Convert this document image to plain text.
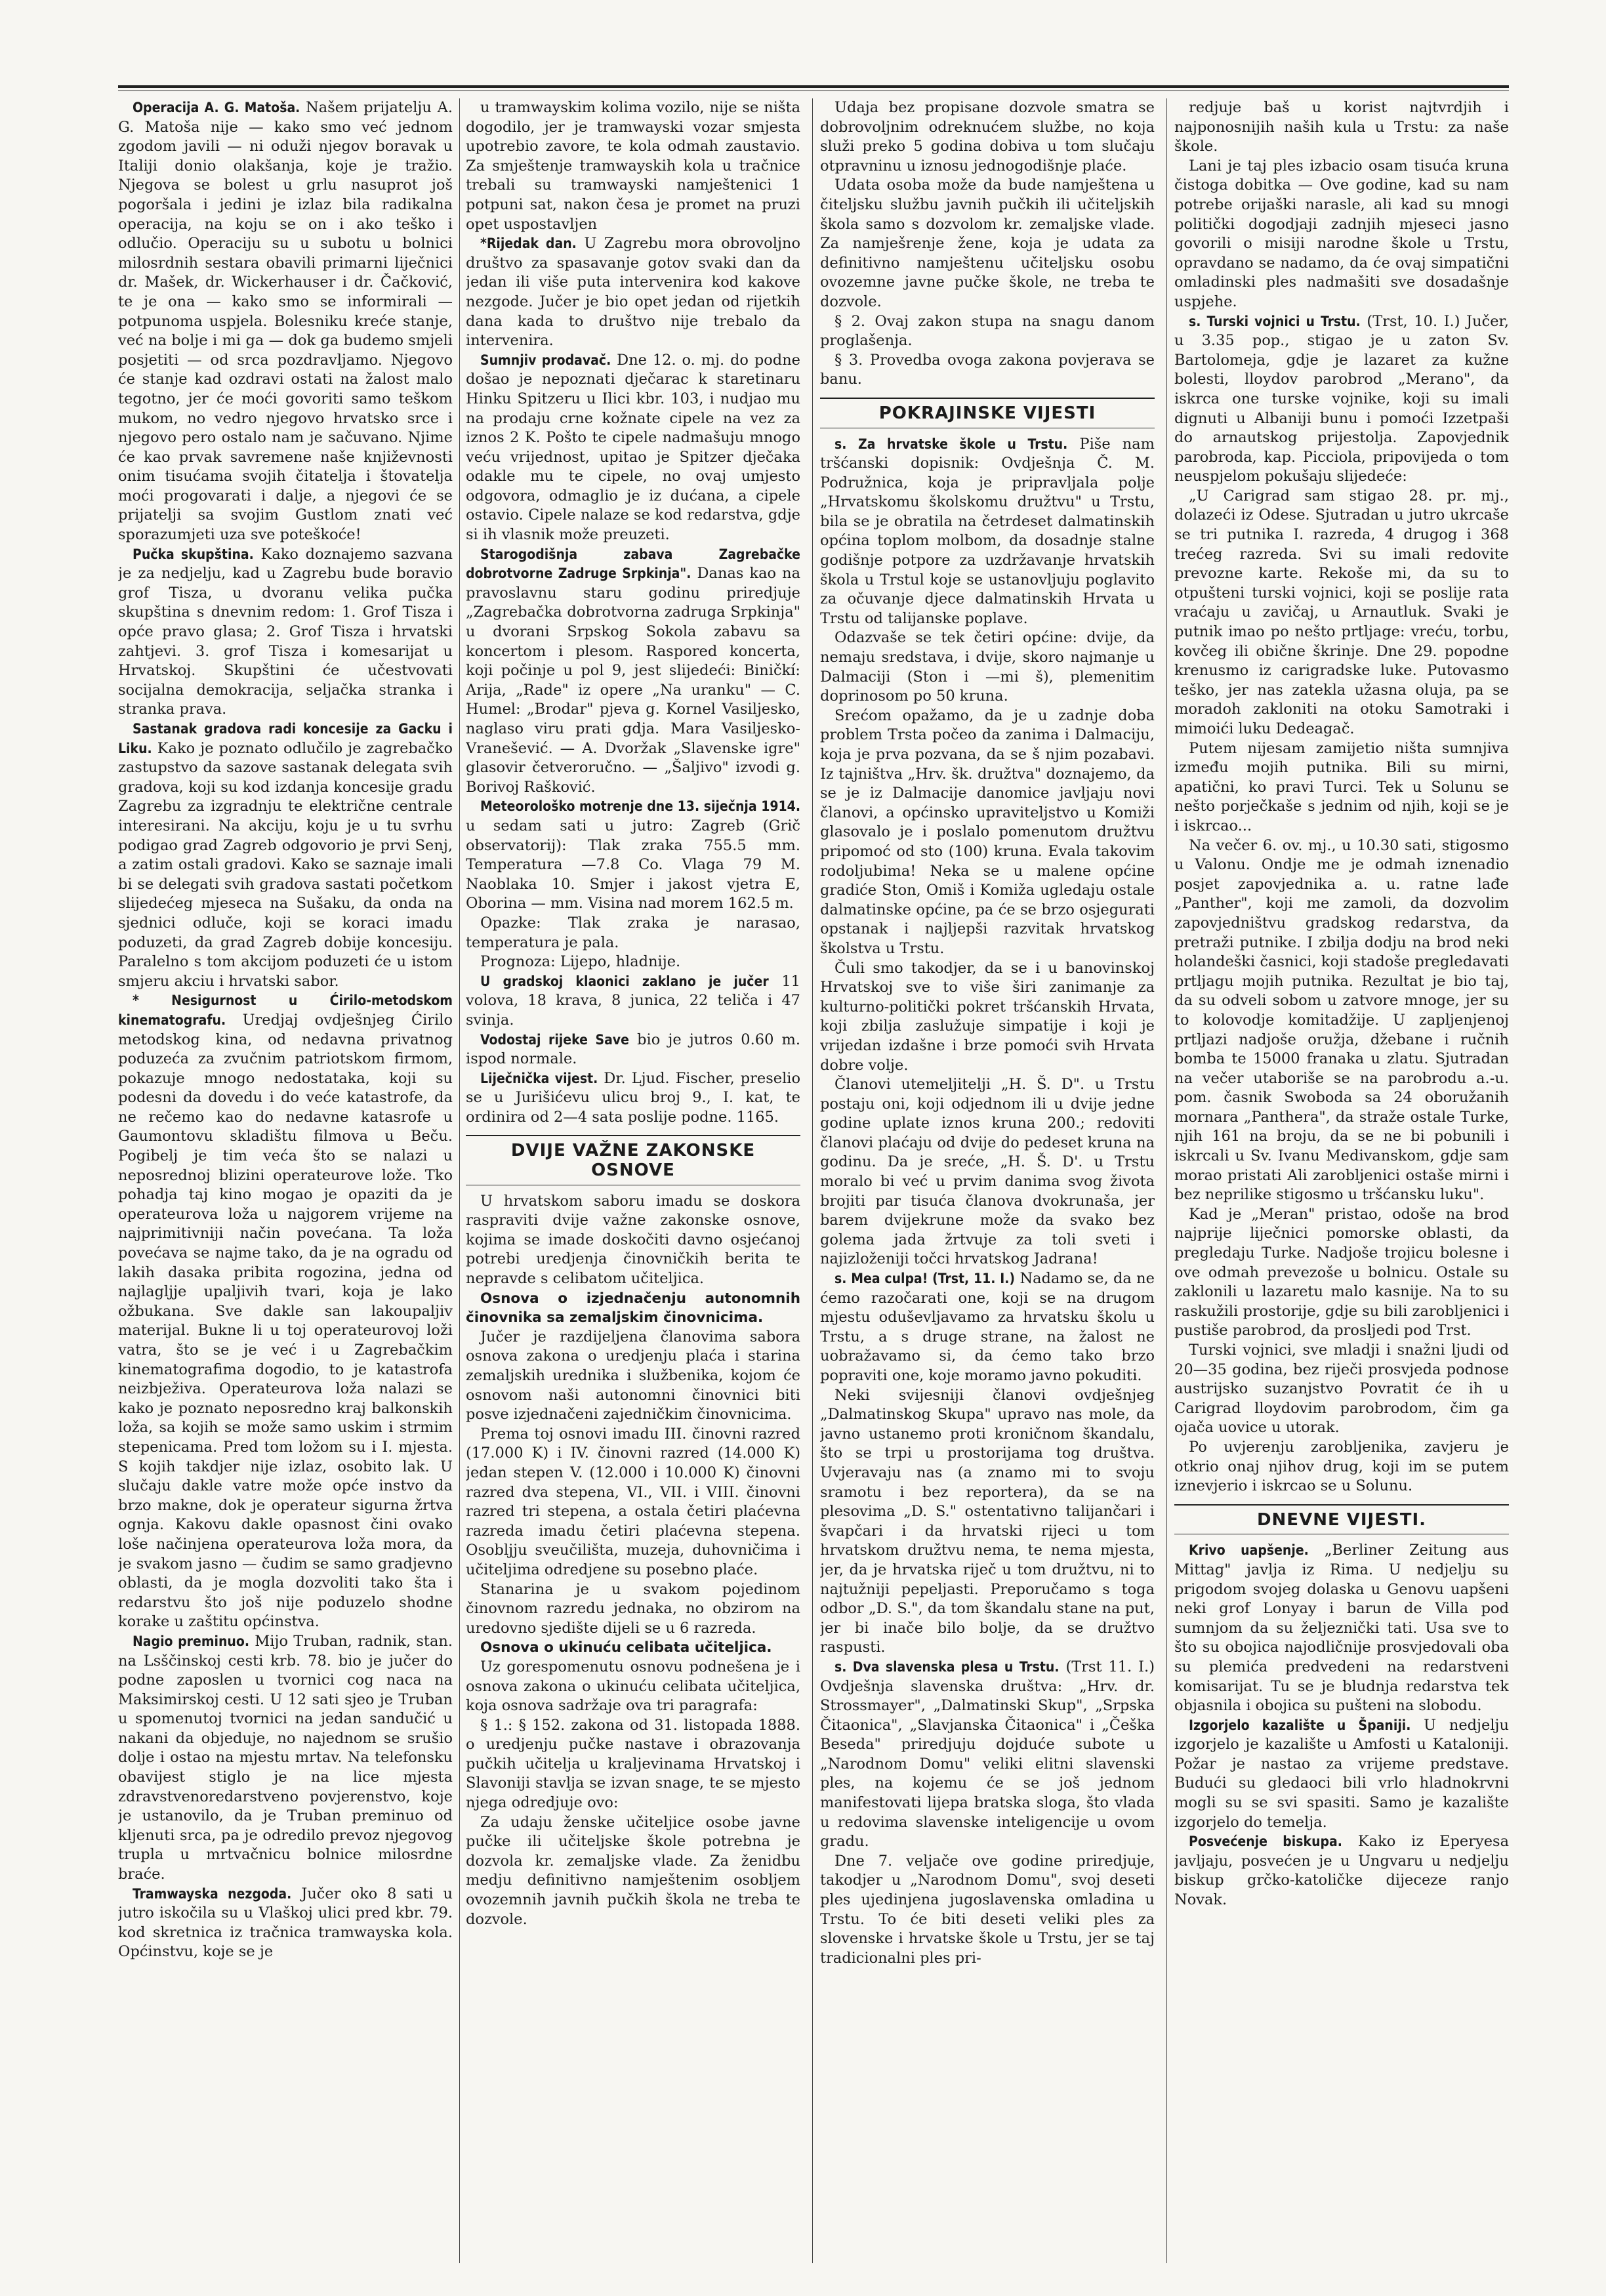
Operacija A. G. Matoša. Našem prijatelju A. G. Matoša nije — kako smo već jednom zgodom javili — ni oduži njegov boravak u Italiji donio olakšanja, koje je tražio. Njegova se bolest u grlu nasuprot još pogoršala i jedini je izlaz bila radikalna operacija, na koju se on i ako teško i odlučio. Operaciju su u subotu u bolnici milosrdnih sestara obavili primarni liječnici dr. Mašek, dr. Wickerhauser i dr. Čačković, te je ona — kako smo se informirali — potpunoma uspjela. Bolesniku kreće stanje, već na bolje i mi ga — dok ga budemo smjeli posjetiti — od srca pozdravljamo. Njegovo će stanje kad ozdravi ostati na žalost malo tegotno, jer će moći govoriti samo teškom mukom, no vedro njegovo hrvatsko srce i njegovo pero ostalo nam je sačuvano. Njime će kao prvak savremene naše književnosti onim tisućama svojih čitatelja i štovatelja moći progovarati i dalje, a njegovi će se prijatelji sa svojim Gustlom znati već sporazumjeti uza sve poteškoće!

Pučka skupština. Kako doznajemo sazvana je za nedjelju, kad u Zagrebu bude boravio grof Tisza, u dvoranu velika pučka skupština s dnevnim redom: 1. Grof Tisza i opće pravo glasa; 2. Grof Tisza i hrvatski zahtjevi. 3. grof Tisza i komesarijat u Hrvatskoj. Skupštini će učestvovati socijalna demokracija, seljačka stranka i stranka prava.

Sastanak gradova radi koncesije za Gacku i Liku. Kako je poznato odlučilo je zagrebačko zastupstvo da sazove sastanak delegata svih gradova, koji su kod izdanja koncesije gradu Zagrebu za izgradnju te električne centrale interesirani. Na akciju, koju je u tu svrhu podigao grad Zagreb odgovorio je prvi Senj, a zatim ostali gradovi. Kako se saznaje imali bi se delegati svih gradova sastati početkom slijedećeg mjeseca na Sušaku, da onda na sjednici odluče, koji se koraci imadu poduzeti, da grad Zagreb dobije koncesiju. Paralelno s tom akcijom poduzeti će u istom smjeru akciu i hrvatski sabor.

* Nesigurnost u Ćirilo-metodskom kinematografu. Uredjaj ovdješnjeg Ćirilo metodskog kina, od nedavna privatnog poduzeća za zvučnim patriotskom firmom, pokazuje mnogo nedostataka, koji su podesni da dovedu i do veće katastrofe, da ne rečemo kao do nedavne katasrofe u Gaumontovu skladištu filmova u Beču. Pogibelj je tim veća što se nalazi u neposrednoj blizini operateurove lože. Tko pohadja taj kino mogao je opaziti da je operateurova loža u najgorem vrijeme na najprimitivniji način povećana. Ta loža povećava se najme tako, da je na ogradu od lakih dasaka pribita rogozina, jedna od najlagljje upaljivih tvari, koja je lako ožbukana. Sve dakle san lakoupaljiv materijal. Bukne li u toj operateurovoj loži vatra, što se je već i u Zagrebačkim kinematografima dogodio, to je katastrofa neizbježiva. Operateurova loža nalazi se kako je poznato neposredno kraj balkonskih loža, sa kojih se može samo uskim i strmim stepenicama. Pred tom ložom su i I. mjesta. S kojih takdjer nije izlaz, osobito lak. U slučaju dakle vatre može opće instvo da brzo makne, dok je operateur sigurna žrtva ognja. Kakovu dakle opasnost čini ovako loše načinjena operateurova loža mora, da je svakom jasno — čudim se samo gradjevno oblasti, da je mogla dozvoliti tako šta i redarstvu što još nije poduzelo shodne korake u zaštitu općinstva.

Nagio preminuo. Mijo Truban, radnik, stan. na Lsščinskoj cesti krb. 78. bio je jučer do podne zaposlen u tvornici cog naca na Maksimirskoj cesti. U 12 sati sjeo je Truban u spomenutoj tvornici na jedan sandučić u nakani da objeduje, no najednom se srušio dolje i ostao na mjestu mrtav. Na telefonsku obavijest stiglo je na lice mjesta zdravstvenoredarstveno povjerenstvo, koje je ustanovilo, da je Truban preminuo od kljenuti srca, pa je odredilo prevoz njegovog trupla u mrtvačnicu bolnice milosrdne braće.

Tramwayska nezgoda. Jučer oko 8 sati u jutro iskočila su u Vlaškoj ulici pred kbr. 79. kod skretnica iz tračnica tramwayska kola. Općinstvu, koje se je

u tramwayskim kolima vozilo, nije se ništa dogodilo, jer je tramwayski vozar smjesta upotrebio zavore, te kola odmah zaustavio. Za smještenje tramwayskih kola u tračnice trebali su tramwayski namještenici 1 potpuni sat, nakon česa je promet na pruzi opet uspostavljen

*Rijedak dan. U Zagrebu mora obrovoljno društvo za spasavanje gotov svaki dan da jedan ili više puta intervenira kod kakove nezgode. Jučer je bio opet jedan od rijetkih dana kada to društvo nije trebalo da intervenira.

Sumnjiv prodavač. Dne 12. o. mj. do podne došao je nepoznati dječarac k staretinaru Hinku Spitzeru u Ilici kbr. 103, i nudjao mu na prodaju crne kožnate cipele na vez za iznos 2 K. Pošto te cipele nadmašuju mnogo veću vrijednost, upitao je Spitzer dječaka odakle mu te cipele, no ovaj umjesto odgovora, odmaglio je iz dućana, a cipele ostavio. Cipele nalaze se kod redarstva, gdje si ih vlasnik može preuzeti.

Starogodišnja zabava Zagrebačke dobrotvorne Zadruge Srpkinja". Danas kao na pravoslavnu staru godinu priredjuje „Zagrebačka dobrotvorna zadruga Srpkinja" u dvorani Srpskog Sokola zabavu sa koncertom i plesom. Raspored koncerta, koji počinje u pol 9, jest slijedeći: Biničkí: Arija, „Rade" iz opere „Na uranku" — C. Humel: „Brodar" pjeva g. Kornel Vasiljesko, naglaso viru prati gdja. Mara Vasiljesko-Vranešević. — A. Dvoržak „Slavenske igre" glasovir četveroručno. — „Šaljivo" izvodi g. Borivoj Rašković.

Meteorološko motrenje dne 13. siječnja 1914. u sedam sati u jutro: Zagreb (Grič observatorij): Tlak zraka 755.5 mm. Temperatura —7.8 Co. Vlaga 79 M. Naoblaka 10. Smjer i jakost vjetra E, Oborina — mm. Visina nad morem 162.5 m.

Opazke: Tlak zraka je narasao, temperatura je pala.

Prognoza: Lijepo, hladnije.

U gradskoj klaonici zaklano je jučer 11 volova, 18 krava, 8 junica, 22 teliča i 47 svinja.

Vodostaj rijeke Save bio je jutros 0.60 m. ispod normale.

Liječnička vijest. Dr. Ljud. Fischer, preselio se u Jurišićevu ulicu broj 9., I. kat, te ordinira od 2—4 sata poslije podne. 1165.

DVIJE VAŽNE ZAKONSKE OSNOVE

U hrvatskom saboru imadu se doskora raspraviti dvije važne zakonske osnove, kojima se imade doskočiti davno osjećanoj potrebi uredjenja činovničkih berita te nepravde s celibatom učiteljica.

Osnova o izjednačenju autonomnih činovnika sa zemaljskim činovnicima.

Jučer je razdijeljena članovima sabora osnova zakona o uredjenju plaća i starina zemaljskih urednika i službenika, kojom će osnovom naši autonomni činovnici biti posve izjednačeni zajedničkim činovnicima.

Prema toj osnovi imadu III. činovni razred (17.000 K) i IV. činovni razred (14.000 K) jedan stepen V. (12.000 i 10.000 K) činovni razred dva stepena, VI., VII. i VIII. činovni razred tri stepena, a ostala četiri plaćevna razreda imadu četiri plaćevna stepena. Osobljju sveučilišta, muzeja, duhovničima i učiteljima odredjene su posebno plaće.

Stanarina je u svakom pojedinom činovnom razredu jednaka, no obzirom na uredovno sjedište dijeli se u 6 razreda.

Osnova o ukinuću celibata učiteljica.

Uz gorespomenutu osnovu podnešena je i osnova zakona o ukinuću celibata učiteljica, koja osnova sadržaje ova tri paragrafa:

§ 1.: § 152. zakona od 31. listopada 1888. o uredjenju pučke nastave i obrazovanja pučkih učitelja u kraljevinama Hrvatskoj i Slavoniji stavlja se izvan snage, te se mjesto njega odredjuje ovo:

Za udaju ženske učiteljice osobe javne pučke ili učiteljske škole potrebna je dozvola kr. zemaljske vlade. Za ženidbu medju definitivno namještenim osobljem ovozemnih javnih pučkih škola ne treba te dozvole.

Udaja bez propisane dozvole smatra se dobrovoljnim odreknućem službe, no koja služi preko 5 godina dobiva u tom slučaju otpravninu u iznosu jednogodišnje plaće.

Udata osoba može da bude namještena u čiteljsku službu javnih pučkih ili učiteljskih škola samo s dozvolom kr. zemaljske vlade. Za namješrenje žene, koja je udata za definitivno namještenu učiteljsku osobu ovozemne javne pučke škole, ne treba te dozvole.

§ 2. Ovaj zakon stupa na snagu danom proglašenja.

§ 3. Provedba ovoga zakona povjerava se banu.

POKRAJINSKE VIJESTI

s. Za hrvatske škole u Trstu. Piše nam tršćanski dopisnik: Ovdješnja Č. M. Podružnica, koja je pripravljala polje „Hrvatskomu školskomu družtvu" u Trstu, bila se je obratila na četrdeset dalmatinskih općina toplom molbom, da dosadnje stalne godišnje potpore za uzdržavanje hrvatskih škola u Trstul koje se ustanovljuju poglavito za očuvanje djece dalmatinskih Hrvata u Trstu od talijanske poplave.

Odazvaše se tek četiri općine: dvije, da nemaju sredstava, i dvije, skoro najmanje u Dalmaciji (Ston i —mi š), plemenitim doprinosom po 50 kruna.

Srećom opažamo, da je u zadnje doba problem Trsta počeo da zanima i Dalmaciju, koja je prva pozvana, da se š njim pozabavi. Iz tajništva „Hrv. šk. družtva" doznajemo, da se je iz Dalmacije danomice javljaju novi članovi, a općinsko upraviteljstvo u Komiži glasovalo je i poslalo pomenutom družtvu pripomoć od sto (100) kruna. Evala takovim rodoljubima! Neka se u malene općine gradiće Ston, Omiš i Komiža ugledaju ostale dalmatinske općine, pa će se brzo osjegurati opstanak i najljepši razvitak hrvatskog školstva u Trstu.

Čuli smo takodjer, da se i u banovinskoj Hrvatskoj sve to više širi zanimanje za kulturno-politički pokret tršćanskih Hrvata, koji zbilja zaslužuje simpatije i koji je vrijedan izdašne i brze pomoći svih Hrvata dobre volje.

Članovi utemeljitelji „H. Š. D". u Trstu postaju oni, koji odjednom ili u dvije jedne godine uplate iznos kruna 200.; redoviti članovi plaćaju od dvije do pedeset kruna na godinu. Da je sreće, „H. Š. D'. u Trstu moralo bi već u prvim danima svog života brojiti par tisuća članova dvokrunaša, jer barem dvijekrune može da svako bez golema jada žrtvuje za toli sveti i najizloženiji točci hrvatskog Jadrana!

s. Mea culpa! (Trst, 11. I.) Nadamo se, da ne ćemo razočarati one, koji se na drugom mjestu oduševljavamo za hrvatsku školu u Trstu, a s druge strane, na žalost ne uobražavamo si, da ćemo tako brzo popraviti one, koje moramo javno pokuditi.

Neki svijesniji članovi ovdješnjeg „Dalmatinskog Skupa" upravo nas mole, da javno ustanemo proti kroničnom škandalu, što se trpi u prostorijama tog društva. Uvjeravaju nas (a znamo mi to svoju sramotu i bez reportera), da se na plesovima „D. S." ostentativno talijančari i švapčari i da hrvatski rijeci u tom hrvatskom družtvu nema, te nema mjesta, jer, da je hrvatska riječ u tom družtvu, ni to najtužniji pepeljasti. Preporučamo s toga odbor „D. S.", da tom škandalu stane na put, jer bi inače bilo bolje, da se družtvo raspusti.

s. Dva slavenska plesa u Trstu. (Trst 11. I.) Ovdješnja slavenska društva: „Hrv. dr. Strossmayer", „Dalmatinski Skup", „Srpska Čitaonica", „Slavjanska Čitaonica" i „Češka Beseda" priredjuju dojduće subote u „Narodnom Domu" veliki elitni slavenski ples, na kojemu će se još jednom manifestovati lijepa bratska sloga, što vlada u redovima slavenske inteligencije u ovom gradu.

Dne 7. veljače ove godine priredjuje, takodjer u „Narodnom Domu", svoj deseti ples ujedinjena jugoslavenska omladina u Trstu. To će biti deseti veliki ples za slovenske i hrvatske škole u Trstu, jer se taj tradicionalni ples pri-

redjuje baš u korist najtvrdjih i najponosnijih naših kula u Trstu: za naše škole.

Lani je taj ples izbacio osam tisuća kruna čistoga dobitka — Ove godine, kad su nam potrebe orijaški narasle, ali kad su mnogi politički dogodjaji zadnjih mjeseci jasno govorili o misiji narodne škole u Trstu, opravdano se nadamo, da će ovaj simpatični omladinski ples nadmašiti sve dosadašnje uspjehe.

s. Turski vojnici u Trstu. (Trst, 10. I.) Jučer, u 3.35 pop., stigao je u zaton Sv. Bartolomeja, gdje je lazaret za kužne bolesti, lloydov parobrod „Merano", da iskrca one turske vojnike, koji su imali dignuti u Albaniji bunu i pomoći Izzetpaši do arnautskog prijestolja. Zapovjednik parobroda, kap. Picciola, pripovijeda o tom neuspjelom pokušaju slijedeće:

„U Carigrad sam stigao 28. pr. mj., dolazeći iz Odese. Sjutradan u jutro ukrcaše se tri putnika I. razreda, 4 drugog i 368 trećeg razreda. Svi su imali redovite prevozne karte. Rekoše mi, da su to otpušteni turski vojnici, koji se poslije rata vraćaju u zavičaj, u Arnautluk. Svaki je putnik imao po nešto prtljage: vreću, torbu, kovčeg ili obične škrinje. Dne 29. popodne krenusmo iz carigradske luke. Putovasmo teško, jer nas zatekla užasna oluja, pa se moradoh zakloniti na otoku Samotraki i mimoići luku Dedeagač.

Putem nijesam zamijetio ništa sumnjiva između mojih putnika. Bili su mirni, apatični, ko pravi Turci. Tek u Solunu se nešto porječkaše s jednim od njih, koji se je i iskrcao...

Na večer 6. ov. mj., u 10.30 sati, stigosmo u Valonu. Ondje me je odmah iznenadio posjet zapovjednika a. u. ratne lađe „Panther", koji me zamoli, da dozvolim zapovjedništvu gradskog redarstva, da pretraži putnike. I zbilja dodju na brod neki holandeški časnici, koji stadoše pregledavati prtljagu mojih putnika. Rezultat je bio taj, da su odveli sobom u zatvore mnoge, jer su to kolovodje komitadžije. U zapljenjenoj prtljazi nadjoše oružja, džebane i ručnih bomba te 15000 franaka u zlatu. Sjutradan na večer utaboriše se na parobrodu a.-u. pom. časnik Swoboda sa 24 oboružanih mornara „Panthera", da straže ostale Turke, njih 161 na broju, da se ne bi pobunili i iskrcali u Sv. Ivanu Medivanskom, gdje sam morao pristati Ali zarobljenici ostaše mirni i bez neprilike stigosmo u tršćansku luku".

Kad je „Meran" pristao, odoše na brod najprije liječnici pomorske oblasti, da pregledaju Turke. Nadjoše trojicu bolesne i ove odmah prevezoše u bolnicu. Ostale su zaklonili u lazaretu malo kasnije. Na to su raskužili prostorije, gdje su bili zarobljenici i pustiše parobrod, da prosljedi pod Trst.

Turski vojnici, sve mladji i snažni ljudi od 20—35 godina, bez riječi prosvjeda podnose austrijsko suzanjstvo Povratit će ih u Carigrad lloydovim parobrodom, čim ga ojača uovice u utorak.

Po uvjerenju zarobljenika, zavjeru je otkrio onaj njihov drug, koji im se putem iznevjerio i iskrcao se u Solunu.

DNEVNE VIJESTI.

Krivo uapšenje. „Berliner Zeitung aus Mittag" javlja iz Rima. U nedjelju su prigodom svojeg dolaska u Genovu uapšeni neki grof Lonyay i barun de Villa pod sumnjom da su željeznički tati. Usa sve to što su obojica najodličnije prosvjedovali oba su plemića predvedeni na redarstveni komisarijat. Tu se je bludnja redarstva tek objasnila i obojica su pušteni na slobodu.

Izgorjelo kazalište u Španiji. U nedjelju izgorjelo je kazalište u Amfosti u Kataloniji. Požar je nastao za vrijeme predstave. Budući su gledaoci bili vrlo hladnokrvni mogli su se svi spasiti. Samo je kazalište izgorjelo do temelja.

Posvećenje biskupa. Kako iz Eperyesa javljaju, posvećen je u Ungvaru u nedjelju biskup grčko-katoličke dijeceze ranjo Novak.
